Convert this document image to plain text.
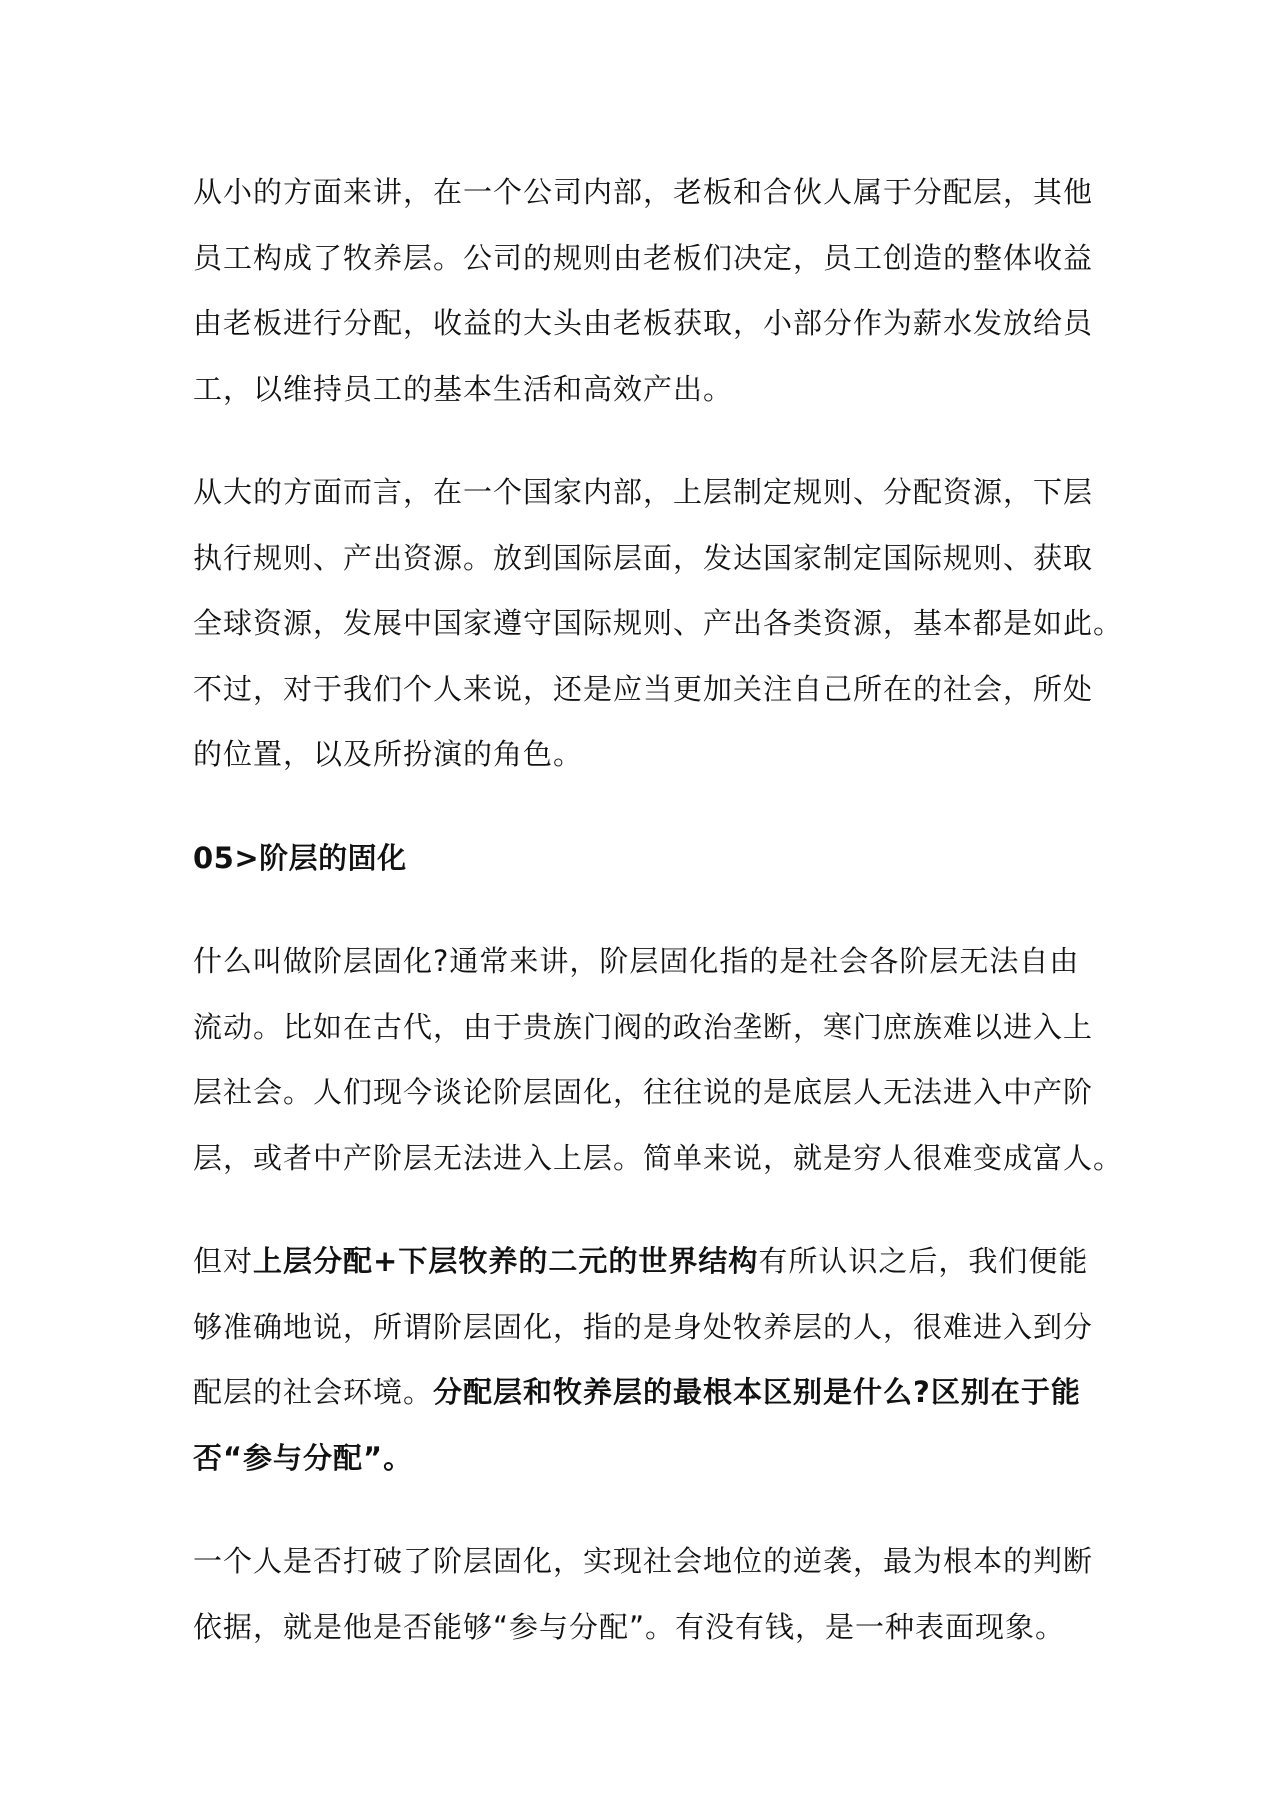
从小的方面来讲，在一个公司内部，老板和合伙人属于分配层，其他
员工构成了牧养层。公司的规则由老板们决定，员工创造的整体收益
由老板进行分配，收益的大头由老板获取，小部分作为薪水发放给员
工，以维持员工的基本生活和高效产出。

从大的方面而言，在一个国家内部，上层制定规则、分配资源，下层
执行规则、产出资源。放到国际层面，发达国家制定国际规则、获取
全球资源，发展中国家遵守国际规则、产出各类资源，基本都是如此。
不过，对于我们个人来说，还是应当更加关注自己所在的社会，所处
的位置，以及所扮演的角色。

05>阶层的固化

什么叫做阶层固化?通常来讲，阶层固化指的是社会各阶层无法自由
流动。比如在古代，由于贵族门阀的政治垄断，寒门庶族难以进入上
层社会。人们现今谈论阶层固化，往往说的是底层人无法进入中产阶
层，或者中产阶层无法进入上层。简单来说，就是穷人很难变成富人。

但对上层分配+下层牧养的二元的世界结构有所认识之后，我们便能
够准确地说，所谓阶层固化，指的是身处牧养层的人，很难进入到分
配层的社会环境。分配层和牧养层的最根本区别是什么?区别在于能
否“参与分配”。

一个人是否打破了阶层固化，实现社会地位的逆袭，最为根本的判断
依据，就是他是否能够“参与分配”。有没有钱，是一种表面现象。
